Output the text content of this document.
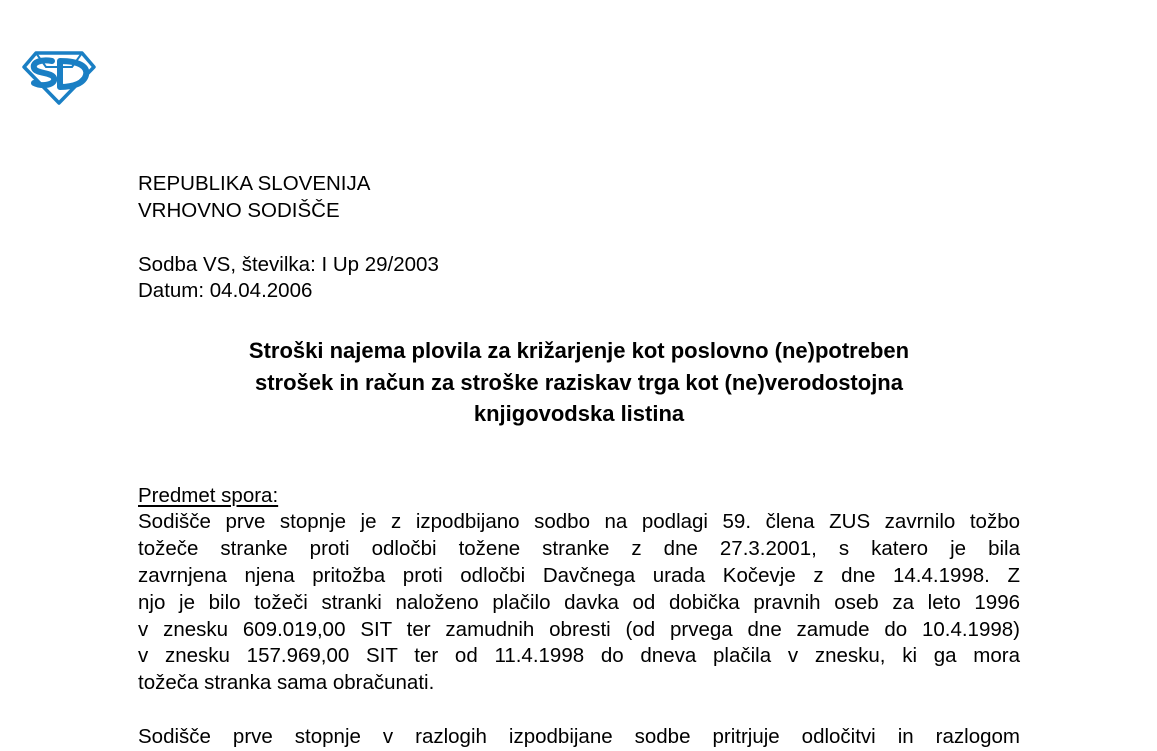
REPUBLIKA SLOVENIJA

VRHOVNO SODIŠČE

Sodba VS, številka: I Up 29/2003

Datum: 04.04.2006

Stroški najema plovila za križarjenje kot poslovno (ne)potreben
strošek in račun za stroške raziskav trga kot (ne)verodostojna
knjigovodska listina
Predmet spora:

Sodišče prve stopnje je z izpodbijano sodbo na podlagi 59. člena ZUS zavrnilo tožbo
tožeče stranke proti odločbi tožene stranke z dne 27.3.2001, s katero je bila
zavrnjena njena pritožba proti odločbi Davčnega urada Kočevje z dne 14.4.1998. Z
njo je bilo tožeči stranki naloženo plačilo davka od dobička pravnih oseb za leto 1996
v znesku 609.019,00 SIT ter zamudnih obresti (od prvega dne zamude do 10.4.1998)
v znesku 157.969,00 SIT ter od 11.4.1998 do dneva plačila v znesku, ki ga mora
tožeča stranka sama obračunati.

Sodišče prve stopnje v razlogih izpodbijane sodbe pritrjuje odločitvi in razlogom
